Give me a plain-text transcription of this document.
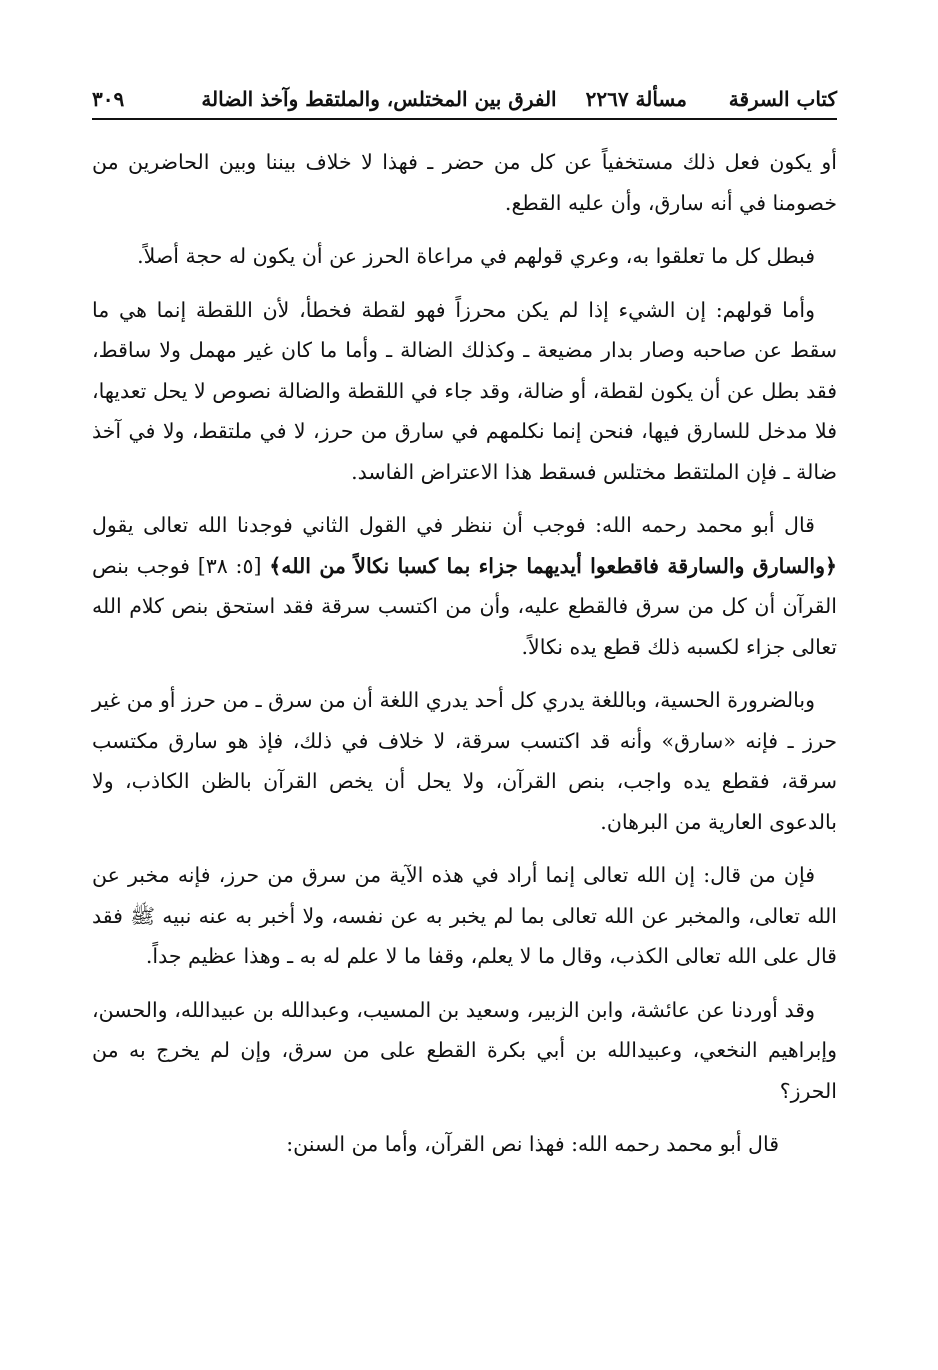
كتاب السرقة
مسألة ٢٢٦٧ الفرق بين المختلس، والملتقط وآخذ الضالة
٣٠٩

أو يكون فعل ذلك مستخفياً عن كل من حضر ـ فهذا لا خلاف بيننا وبين الحاضرين من خصومنا في أنه سارق، وأن عليه القطع.

فبطل كل ما تعلقوا به، وعري قولهم في مراعاة الحرز عن أن يكون له حجة أصلاً.

وأما قولهم: إن الشيء إذا لم يكن محرزاً فهو لقطة فخطأ، لأن اللقطة إنما هي ما سقط عن صاحبه وصار بدار مضيعة ـ وكذلك الضالة ـ وأما ما كان غير مهمل ولا ساقط، فقد بطل عن أن يكون لقطة، أو ضالة، وقد جاء في اللقطة والضالة نصوص لا يحل تعديها، فلا مدخل للسارق فيها، فنحن إنما نكلمهم في سارق من حرز، لا في ملتقط، ولا في آخذ ضالة ـ فإن الملتقط مختلس فسقط هذا الاعتراض الفاسد.

قال أبو محمد رحمه الله: فوجب أن ننظر في القول الثاني فوجدنا الله تعالى يقول ﴿والسارق والسارقة فاقطعوا أيديهما جزاء بما كسبا نكالاً من الله﴾ [٥: ٣٨] فوجب بنص القرآن أن كل من سرق فالقطع عليه، وأن من اكتسب سرقة فقد استحق بنص كلام الله تعالى جزاء لكسبه ذلك قطع يده نكالاً.

وبالضرورة الحسية، وباللغة يدري كل أحد يدري اللغة أن من سرق ـ من حرز أو من غير حرز ـ فإنه «سارق» وأنه قد اكتسب سرقة، لا خلاف في ذلك، فإذ هو سارق مكتسب سرقة، فقطع يده واجب، بنص القرآن، ولا يحل أن يخص القرآن بالظن الكاذب، ولا بالدعوى العارية من البرهان.

فإن من قال: إن الله تعالى إنما أراد في هذه الآية من سرق من حرز، فإنه مخبر عن الله تعالى، والمخبر عن الله تعالى بما لم يخبر به عن نفسه، ولا أخبر به عنه نبيه ﷺ فقد قال على الله تعالى الكذب، وقال ما لا يعلم، وقفا ما لا علم له به ـ وهذا عظيم جداً.

وقد أوردنا عن عائشة، وابن الزبير، وسعيد بن المسيب، وعبدالله بن عبيدالله، والحسن، وإبراهيم النخعي، وعبيدالله بن أبي بكرة القطع على من سرق، وإن لم يخرج به من الحرز؟

قال أبو محمد رحمه الله: فهذا نص القرآن، وأما من السنن:
